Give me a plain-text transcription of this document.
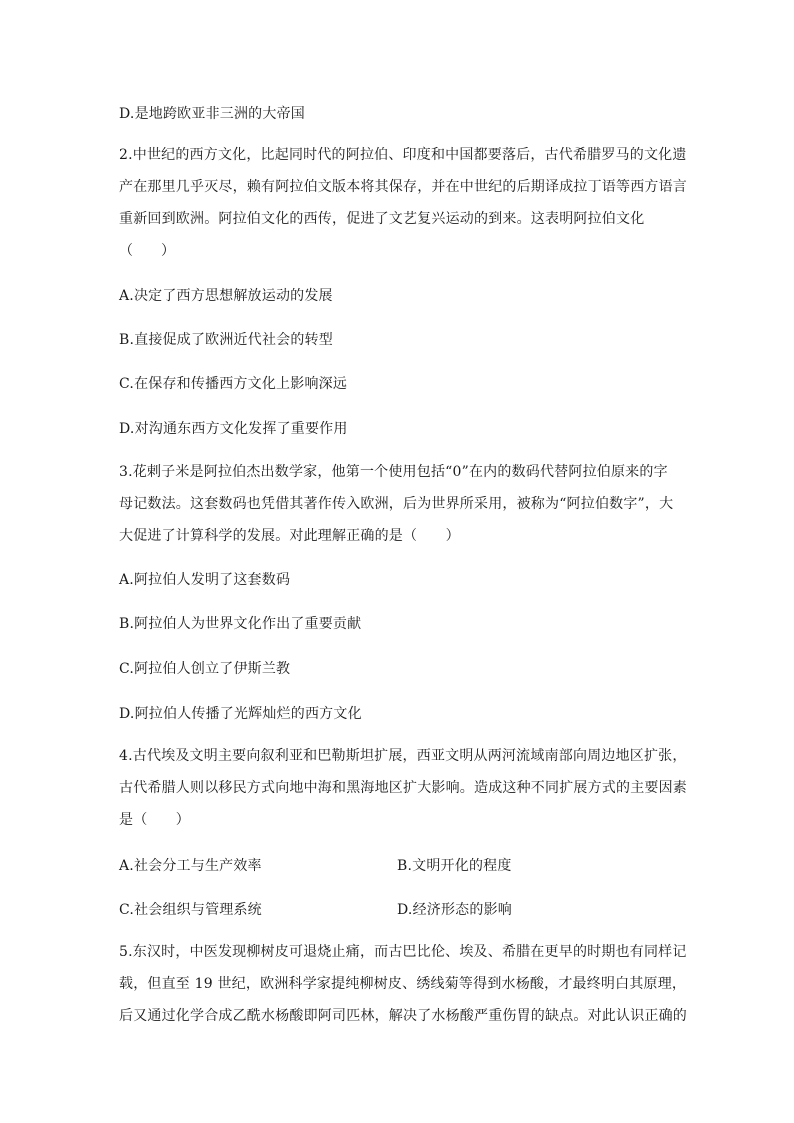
D.是地跨欧亚非三洲的大帝国
2.中世纪的西方文化，比起同时代的阿拉伯、印度和中国都要落后，古代希腊罗马的文化遗
产在那里几乎灭尽，赖有阿拉伯文版本将其保存，并在中世纪的后期译成拉丁语等西方语言
重新回到欧洲。阿拉伯文化的西传，促进了文艺复兴运动的到来。这表明阿拉伯文化
（　　）
A.决定了西方思想解放运动的发展
B.直接促成了欧洲近代社会的转型
C.在保存和传播西方文化上影响深远
D.对沟通东西方文化发挥了重要作用
3.花剌子米是阿拉伯杰出数学家，他第一个使用包括“0”在内的数码代替阿拉伯原来的字
母记数法。这套数码也凭借其著作传入欧洲，后为世界所采用，被称为“阿拉伯数字”，大
大促进了计算科学的发展。对此理解正确的是（　　）
A.阿拉伯人发明了这套数码
B.阿拉伯人为世界文化作出了重要贡献
C.阿拉伯人创立了伊斯兰教
D.阿拉伯人传播了光辉灿烂的西方文化
4.古代埃及文明主要向叙利亚和巴勒斯坦扩展，西亚文明从两河流域南部向周边地区扩张，
古代希腊人则以移民方式向地中海和黑海地区扩大影响。造成这种不同扩展方式的主要因素
是（　　）
A.社会分工与生产效率	B.文明开化的程度
C.社会组织与管理系统	D.经济形态的影响
5.东汉时，中医发现柳树皮可退烧止痛，而古巴比伦、埃及、希腊在更早的时期也有同样记
载，但直至 19 世纪，欧洲科学家提纯柳树皮、绣线菊等得到水杨酸，才最终明白其原理，
后又通过化学合成乙酰水杨酸即阿司匹林，解决了水杨酸严重伤胃的缺点。对此认识正确的
